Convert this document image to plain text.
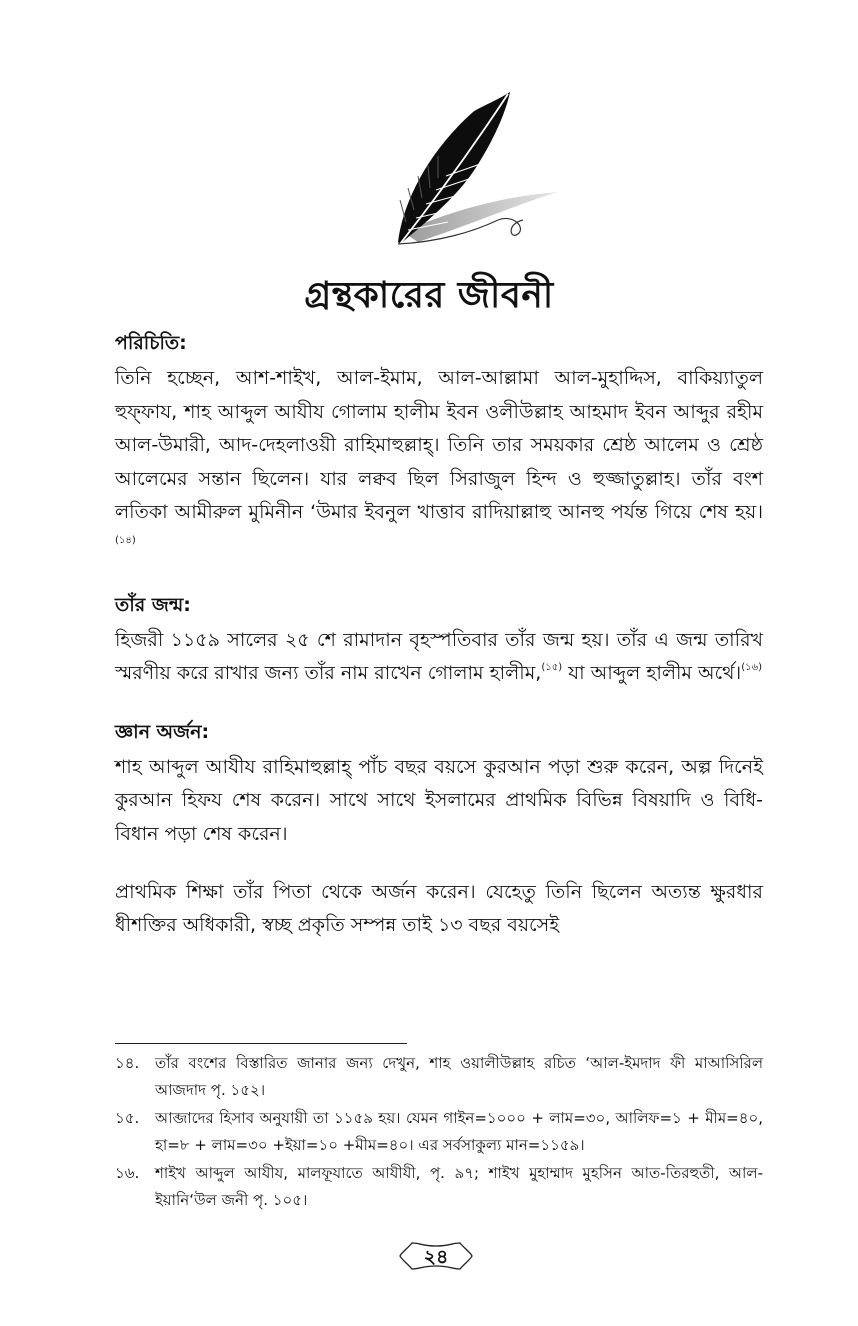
গ্রন্থকারের জীবনী
পরিচিতি:

তিনি হচ্ছেন, আশ-শাইখ, আল-ইমাম, আল-আল্লামা আল-মুহাদ্দিস, বাকিয়্যাতুল হুফ্ফায, শাহ আব্দুল আযীয গোলাম হালীম ইবন ওলীউল্লাহ আহমাদ ইবন আব্দুর রহীম আল-উমারী, আদ-দেহলাওয়ী রাহিমাহুল্লাহ্। তিনি তার সময়কার শ্রেষ্ঠ আলেম ও শ্রেষ্ঠ আলেমের সন্তান ছিলেন। যার লক্বব ছিল সিরাজুল হিন্দ ও হুজ্জাতুল্লাহ। তাঁর বংশ লতিকা আমীরুল মুমিনীন ‘উমার ইবনুল খাত্তাব রাদিয়াল্লাহু আনহু পর্যন্ত গিয়ে শেষ হয়।$^{(১৪)}$

তাঁর জন্ম:

হিজরী ১১৫৯ সালের ২৫ শে রামাদান বৃহস্পতিবার তাঁর জন্ম হয়। তাঁর এ জন্ম তারিখ স্মরণীয় করে রাখার জন্য তাঁর নাম রাখেন গোলাম হালীম,$^{(১৫)}$ যা আব্দুল হালীম অর্থে।$^{(১৬)}$

জ্ঞান অর্জন:

শাহ আব্দুল আযীয রাহিমাহুল্লাহ্ পাঁচ বছর বয়সে কুরআন পড়া শুরু করেন, অল্প দিনেই কুরআন হিফয শেষ করেন। সাথে সাথে ইসলামের প্রাথমিক বিভিন্ন বিষয়াদি ও বিধি-বিধান পড়া শেষ করেন।

প্রাথমিক শিক্ষা তাঁর পিতা থেকে অর্জন করেন। যেহেতু তিনি ছিলেন অত্যন্ত ক্ষুরধার ধীশক্তির অধিকারী, স্বচ্ছ প্রকৃতি সম্পন্ন তাই ১৩ বছর বয়সেই

১৪.	তাঁর বংশের বিস্তারিত জানার জন্য দেখুন, শাহ ওয়ালীউল্লাহ রচিত ‘আল-ইমদাদ ফী মাআসিরিল আজদাদ পৃ. ১৫২।
১৫.	আব্জাদের হিসাব অনুযায়ী তা ১১৫৯ হয়। যেমন গাইন=১০০০ + লাম=৩০, আলিফ=১ + মীম=৪০, হা=৮ + লাম=৩০ +ইয়া=১০ +মীম=৪০। এর সর্বসাকুল্য মান=১১৫৯।
১৬.	শাইখ আব্দুল আযীয, মালফূযাতে আযীযী, পৃ. ৯৭; শাইখ মুহাম্মাদ মুহসিন আত-তিরহুতী, আল-ইয়ানি‘উল জনী পৃ. ১০৫।
২৪
